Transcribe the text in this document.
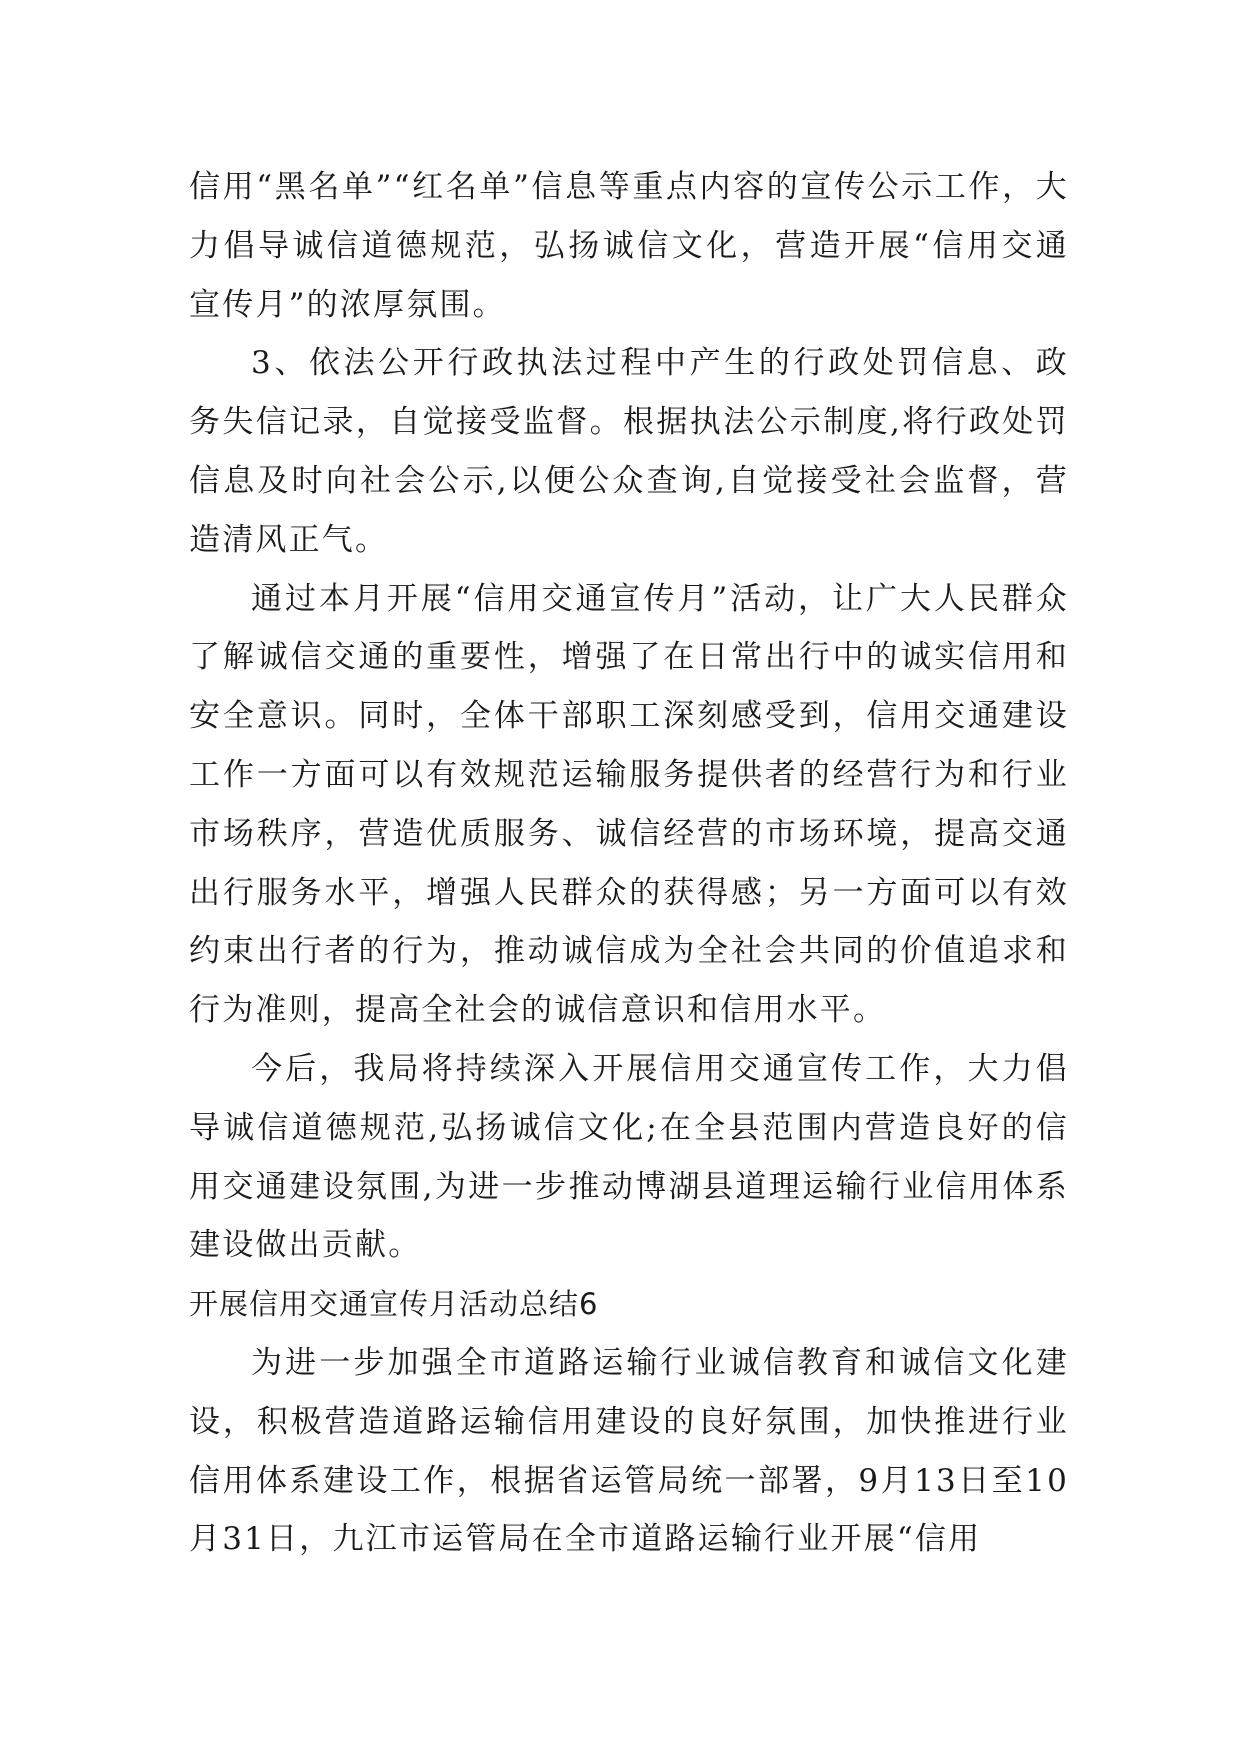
信用“黑名单”“红名单”信息等重点内容的宣传公示工作，大力倡导诚信道德规范，弘扬诚信文化，营造开展“信用交通宣传月”的浓厚氛围。

3、依法公开行政执法过程中产生的行政处罚信息、政务失信记录，自觉接受监督。根据执法公示制度,将行政处罚信息及时向社会公示,以便公众查询,自觉接受社会监督，营造清风正气。

通过本月开展“信用交通宣传月”活动，让广大人民群众了解诚信交通的重要性，增强了在日常出行中的诚实信用和安全意识。同时，全体干部职工深刻感受到，信用交通建设工作一方面可以有效规范运输服务提供者的经营行为和行业市场秩序，营造优质服务、诚信经营的市场环境，提高交通出行服务水平，增强人民群众的获得感；另一方面可以有效约束出行者的行为，推动诚信成为全社会共同的价值追求和行为准则，提高全社会的诚信意识和信用水平。

今后，我局将持续深入开展信用交通宣传工作，大力倡导诚信道德规范,弘扬诚信文化;在全县范围内营造良好的信用交通建设氛围,为进一步推动博湖县道理运输行业信用体系建设做出贡献。

开展信用交通宣传月活动总结6

为进一步加强全市道路运输行业诚信教育和诚信文化建设，积极营造道路运输信用建设的良好氛围，加快推进行业信用体系建设工作，根据省运管局统一部署，9月13日至10月31日，九江市运管局在全市道路运输行业开展“信用
